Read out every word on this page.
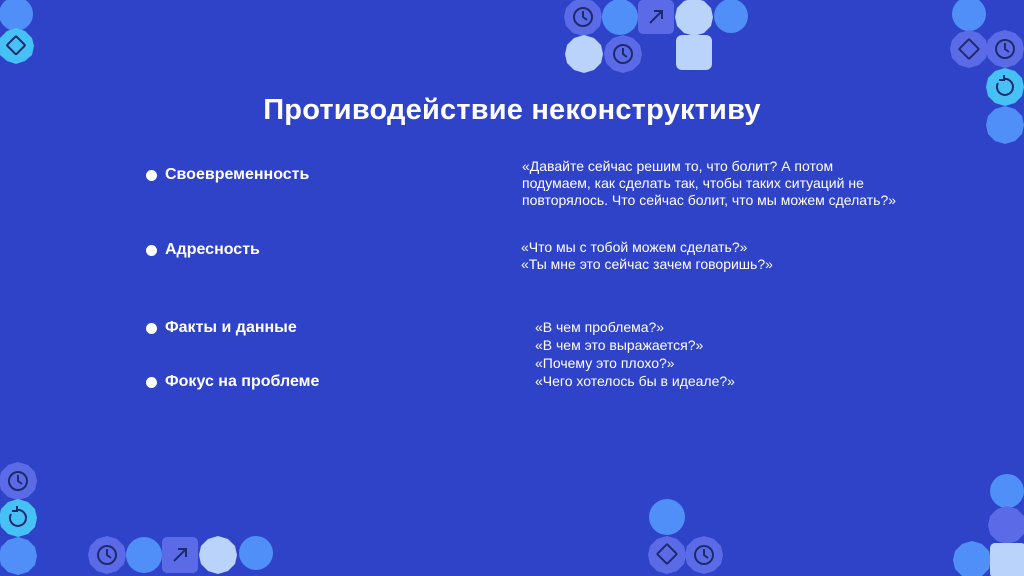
Противодействие неконструктиву
Своевременность
Адресность
Факты и данные
Фокус на проблеме
«Давайте сейчас решим то, что болит? А потом
подумаем, как сделать так, чтобы таких ситуаций не
повторялось. Что сейчас болит, что мы можем сделать?»
«Что мы с тобой можем сделать?»
«Ты мне это сейчас зачем говоришь?»
«В чем проблема?»
«В чем это выражается?»
«Почему это плохо?»
«Чего хотелось бы в идеале?»
